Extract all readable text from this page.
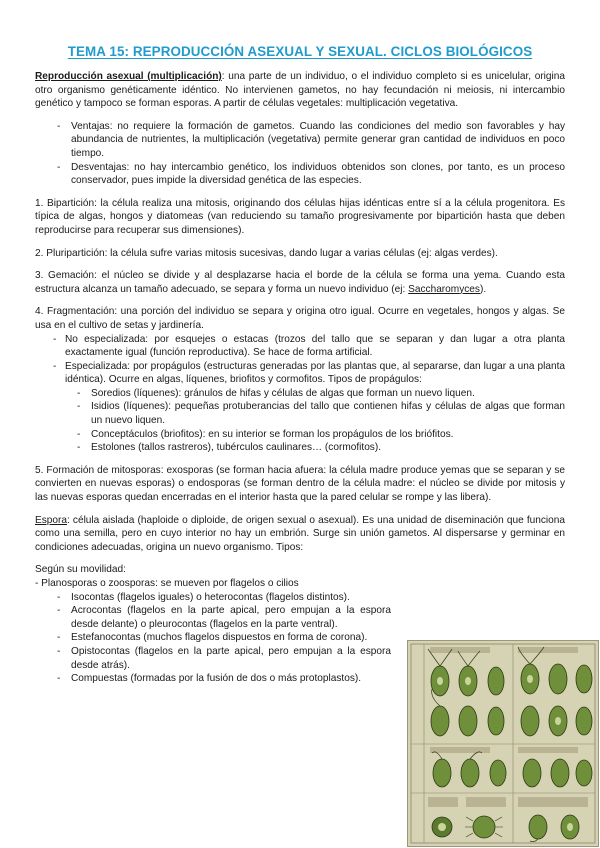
TEMA 15: REPRODUCCIÓN ASEXUAL Y SEXUAL. CICLOS BIOLÓGICOS

Reproducción asexual (multiplicación): una parte de un individuo, o el individuo completo si es unicelular, origina otro organismo genéticamente idéntico. No intervienen gametos, no hay fecundación ni meiosis, ni intercambio genético y tampoco se forman esporas. A partir de células vegetales: multiplicación vegetativa.

- Ventajas: no requiere la formación de gametos. Cuando las condiciones del medio son favorables y hay abundancia de nutrientes, la multiplicación (vegetativa) permite generar gran cantidad de individuos en poco tiempo.
- Desventajas: no hay intercambio genético, los individuos obtenidos son clones, por tanto, es un proceso conservador, pues impide la diversidad genética de las especies.

1. Bipartición: la célula realiza una mitosis, originando dos células hijas idénticas entre sí a la célula progenitora. Es típica de algas, hongos y diatomeas (van reduciendo su tamaño progresivamente por bipartición hasta que deben reproducirse para recuperar sus dimensiones).

2. Pluripartición: la célula sufre varias mitosis sucesivas, dando lugar a varias células (ej: algas verdes).

3. Gemación: el núcleo se divide y al desplazarse hacia el borde de la célula se forma una yema. Cuando esta estructura alcanza un tamaño adecuado, se separa y forma un nuevo individuo (ej: Saccharomyces).

4. Fragmentación: una porción del individuo se separa y origina otro igual. Ocurre en vegetales, hongos y algas. Se usa en el cultivo de setas y jardinería.

- No especializada: por esquejes o estacas (trozos del tallo que se separan y dan lugar a otra planta exactamente igual (función reproductiva). Se hace de forma artificial.
- Especializada: por propágulos (estructuras generadas por las plantas que, al separarse, dan lugar a una planta idéntica). Ocurre en algas, líquenes, briofitos y cormofitos. Tipos de propágulos:
- Soredios (líquenes): gránulos de hifas y células de algas que forman un nuevo liquen.
- Isidios (líquenes): pequeñas protuberancias del tallo que contienen hifas y células de algas que forman un nuevo liquen.
- Conceptáculos (briofitos): en su interior se forman los propágulos de los briófitos.
- Estolones (tallos rastreros), tubérculos caulinares… (cormofitos).

5. Formación de mitosporas: exosporas (se forman hacia afuera: la célula madre produce yemas que se separan y se convierten en nuevas esporas) o endosporas (se forman dentro de la célula madre: el núcleo se divide por mitosis y las nuevas esporas quedan encerradas en el interior hasta que la pared celular se rompe y las libera).

Espora: célula aislada (haploide o diploide, de origen sexual o asexual). Es una unidad de diseminación que funciona como una semilla, pero en cuyo interior no hay un embrión. Surge sin unión gametos. Al dispersarse y germinar en condiciones adecuadas, origina un nuevo organismo. Tipos:

Según su movilidad:
- Planosporas o zoosporas: se mueven por flagelos o cilios
- Isocontas (flagelos iguales) o heterocontas (flagelos distintos).
- Acrocontas (flagelos en la parte apical, pero empujan a la espora desde delante) o pleurocontas (flagelos en la parte ventral).
- Estefanocontas (muchos flagelos dispuestos en forma de corona).
- Opistocontas (flagelos en la parte apical, pero empujan a la espora desde atrás).
- Compuestas (formadas por la fusión de dos o más protoplastos).
